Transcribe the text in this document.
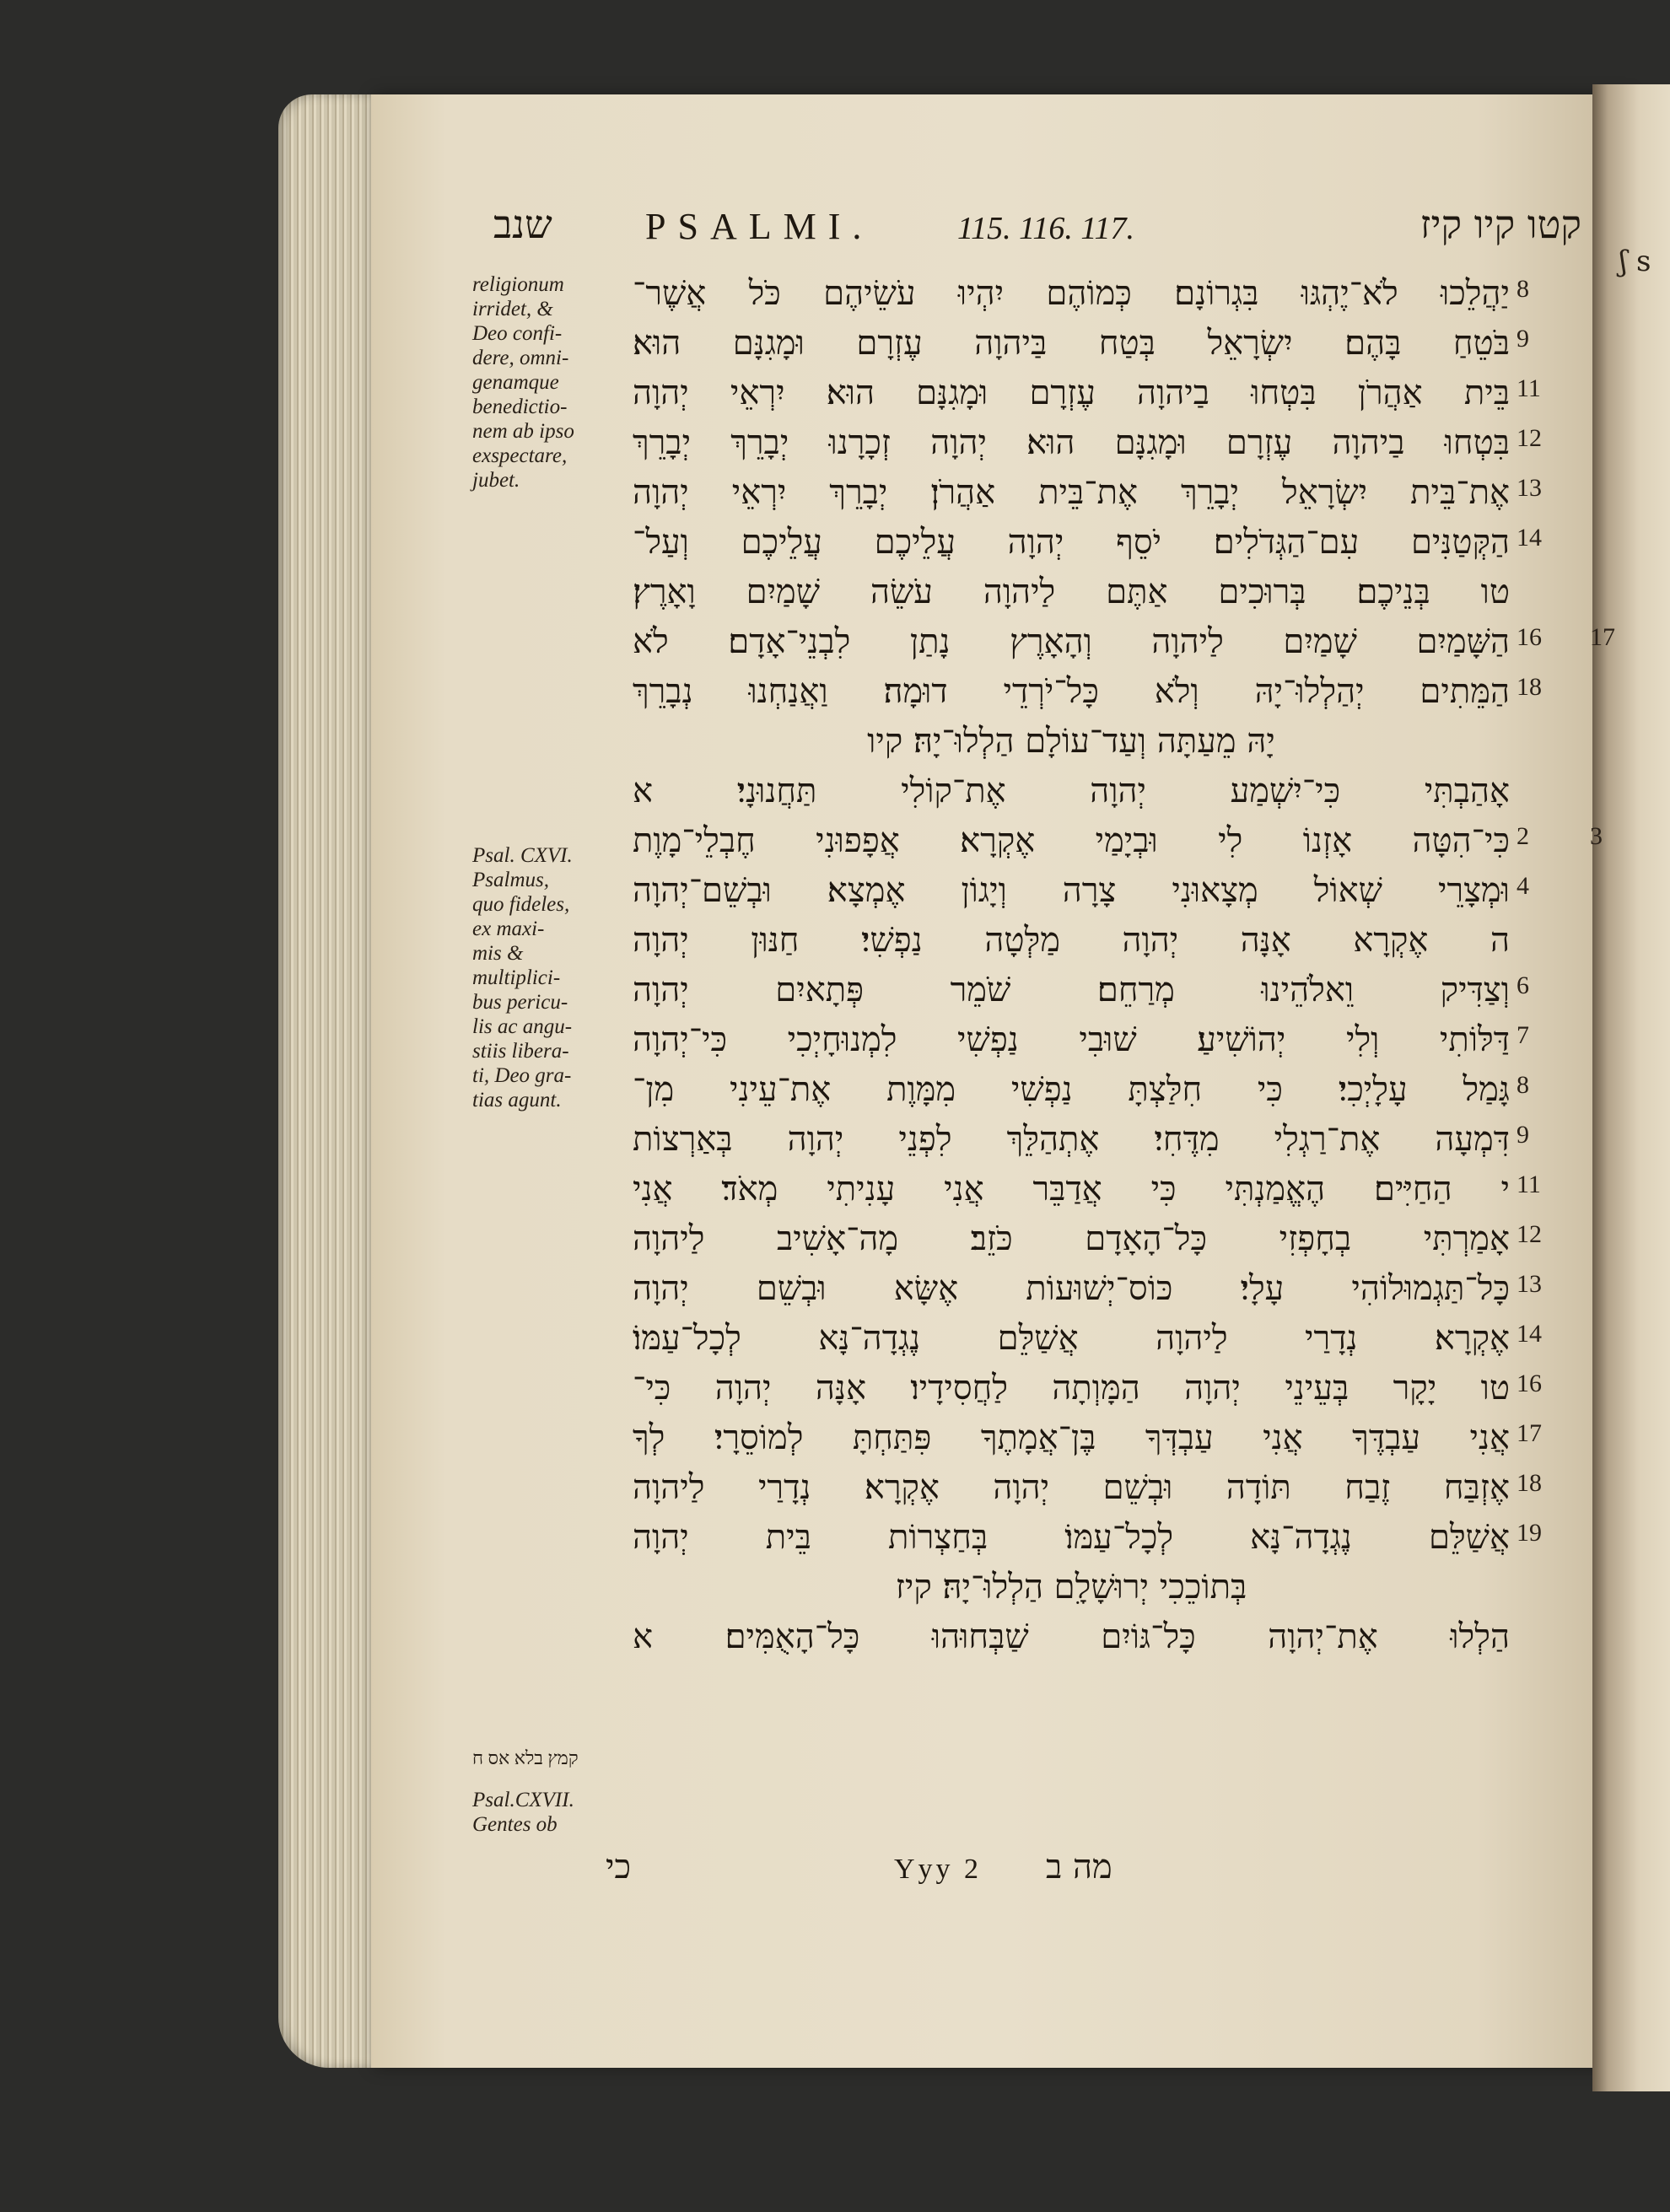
ʃ s
שנב	PSALMI.	115. 116. 117.	קטו קיו קיז
religionum
irridet, &
Deo confi-
dere, omni-
genamque
benedictio-
nem ab ipso
exspectare,
jubet.
Psal. CXVI.
Psalmus,
quo fideles,
ex maxi-
mis &
multiplici-
bus pericu-
lis ac angu-
stiis libera-
ti, Deo gra-
tias agunt.
קמץ בלא אס ח
Psal.CXVII.
Gentes ob
יַהֲלֵכוּ לֹא־יֶהְגּוּ בִּגְרוֹנָם׃ כְּמוֹהֶם יִהְיוּ עֹשֵׂיהֶם כֹּל אֲשֶׁר־ 8
בֹּטֵחַ בָּהֶם׃ יִשְׂרָאֵל בְּטַח בַּיהוָה עֶזְרָם וּמָגִנָּם הוּא׃ 9
בֵּית אַהֲרֹן בִּטְחוּ בַיהוָה עֶזְרָם וּמָגִנָּם הוּא׃ יִרְאֵי יְהוָה 11
בִּטְחוּ בַיהוָה עֶזְרָם וּמָגִנָּם הוּא׃ יְהוָה זְכָרָנוּ יְבָרֵךְ יְבָרֵךְ 12
אֶת־בֵּית יִשְׂרָאֵל יְבָרֵךְ אֶת־בֵּית אַהֲרֹן׃ יְבָרֵךְ יִרְאֵי יְהוָה 13
הַקְּטַנִּים עִם־הַגְּדֹלִים׃ יֹסֵף יְהוָה עֲלֵיכֶם עֲלֵיכֶם וְעַל־ 14
טו בְּנֵיכֶם׃ בְּרוּכִים אַתֶּם לַיהוָה עֹשֵׂה שָׁמַיִם וָאָרֶץ׃
הַשָּׁמַיִם שָׁמַיִם לַיהוָה וְהָאָרֶץ נָתַן לִבְנֵי־אָדָם׃ לֹא 16 17
הַמֵּתִים יְהַלְלוּ־יָהּ וְלֹא כָּל־יֹרְדֵי דוּמָה׃ וַאֲנַחְנוּ נְבָרֵךְ 18
יָהּ מֵעַתָּה וְעַד־עוֹלָם הַלְלוּ־יָהּ׃ קיו
אָהַבְתִּי כִּי־יִשְׁמַע יְהוָה אֶת־קוֹלִי תַּחֲנוּנָי׃ א
כִּי־הִטָּה אָזְנוֹ לִי וּבְיָמַי אֶקְרָא׃ אֲפָפוּנִי חֶבְלֵי־מָוֶת 2 3
וּמְצָרֵי שְׁאוֹל מְצָאוּנִי צָרָה וְיָגוֹן אֶמְצָא׃ וּבְשֵׁם־יְהוָה 4
ה אֶקְרָא אָנָּה יְהוָה מַלְּטָה נַפְשִׁי׃ חַנּוּן יְהוָה
וְצַדִּיק וֵאלֹהֵינוּ מְרַחֵם׃ שֹׁמֵר פְּתָאיִם יְהוָה 6
דַּלּוֹתִי וְלִי יְהוֹשִׁיעַ׃ שׁוּבִי נַפְשִׁי לִמְנוּחָיְכִי כִּי־יְהוָה 7
גָּמַל עָלָיְכִי׃ כִּי חִלַּצְתָּ נַפְשִׁי מִמָּוֶת אֶת־עֵינִי מִן־ 8
דִּמְעָה אֶת־רַגְלִי מִדֶּחִי׃ אֶתְהַלֵּךְ לִפְנֵי יְהוָה בְּאַרְצוֹת 9
י הַחַיִּים׃ הֶאֱמַנְתִּי כִּי אֲדַבֵּר אֲנִי עָנִיתִי מְאֹד׃ אֲנִי 11
אָמַרְתִּי בְחָפְזִי כָּל־הָאָדָם כֹּזֵב׃ מָה־אָשִׁיב לַיהוָה 12
כָּל־תַּגְמוּלוֹהִי עָלָי׃ כּוֹס־יְשׁוּעוֹת אֶשָּׂא וּבְשֵׁם יְהוָה 13
אֶקְרָא׃ נְדָרַי לַיהוָה אֲשַׁלֵּם נֶגְדָה־נָּא לְכָל־עַמּוֹ׃ 14
טו יָקָר בְּעֵינֵי יְהוָה הַמָּוְתָה לַחֲסִידָיו׃ אָנָּה יְהוָה כִּי־ 16
אֲנִי עַבְדֶּךָ אֲנִי עַבְדְּךָ בֶּן־אֲמָתֶךָ פִּתַּחְתָּ לְמוֹסֵרָי׃ לְךָ 17
אֶזְבַּח זֶבַח תּוֹדָה וּבְשֵׁם יְהוָה אֶקְרָא׃ נְדָרַי לַיהוָה 18
אֲשַׁלֵּם נֶגְדָה־נָּא לְכָל־עַמּוֹ׃ בְּחַצְרוֹת בֵּית יְהוָה 19
בְּתוֹכֵכִי יְרוּשָׁלִָם הַלְלוּ־יָהּ׃ קיז
הַלְלוּ אֶת־יְהוָה כָּל־גּוֹיִם שַׁבְּחוּהוּ כָּל־הָאֻמִּים׃ א
כי	Yyy 2 מה ב
